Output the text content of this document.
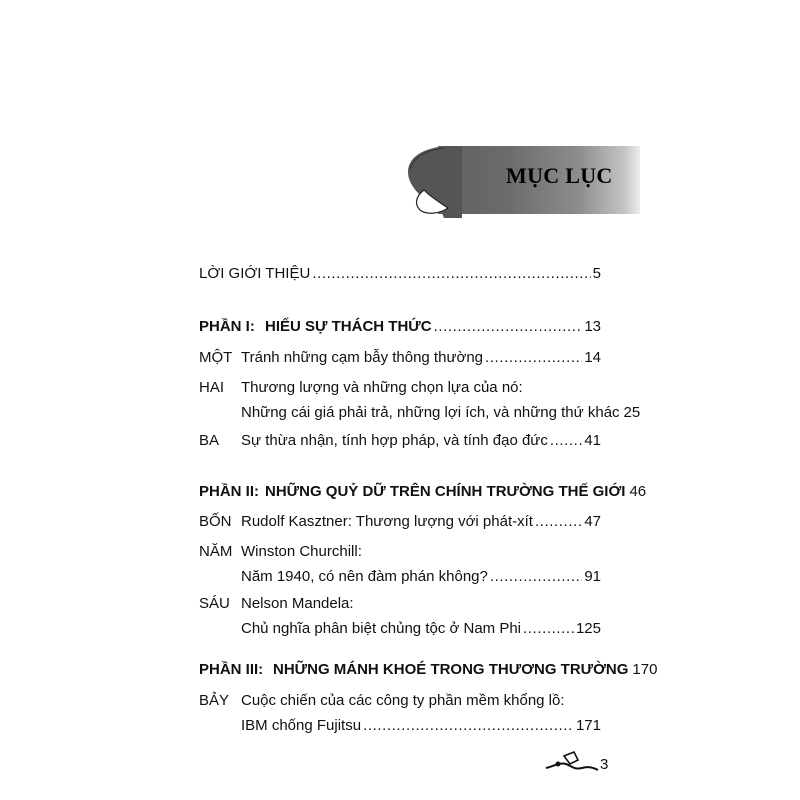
MỤC LỤC
LỜI GIỚI THIỆU .....	5
PHẦN I: HIỂU SỰ THÁCH THỨC .....	13
MỘT Tránh những cạm bẫy thông thường .....	14
HAI Thương lượng và những chọn lựa của nó:
Những cái giá phải trả, những lợi ích, và những thứ khác 25
BA Sự thừa nhận, tính hợp pháp, và tính đạo đức ..... 41
PHẦN II: NHỮNG QUỶ DỮ TRÊN CHÍNH TRƯỜNG THẾ GIỚI 46
BỐN Rudolf Kasztner: Thương lượng với phát-xít .....	47
NĂM Winston Churchill:
Năm 1940, có nên đàm phán không? .....	91
SÁU Nelson Mandela:
Chủ nghĩa phân biệt chủng tộc ở Nam Phi .....	125
PHẦN III: NHỮNG MÁNH KHOÉ TRONG THƯƠNG TRƯỜNG 170
BẢY Cuộc chiến của các công ty phần mềm khổng lồ:
IBM chống Fujitsu .....	171
3
